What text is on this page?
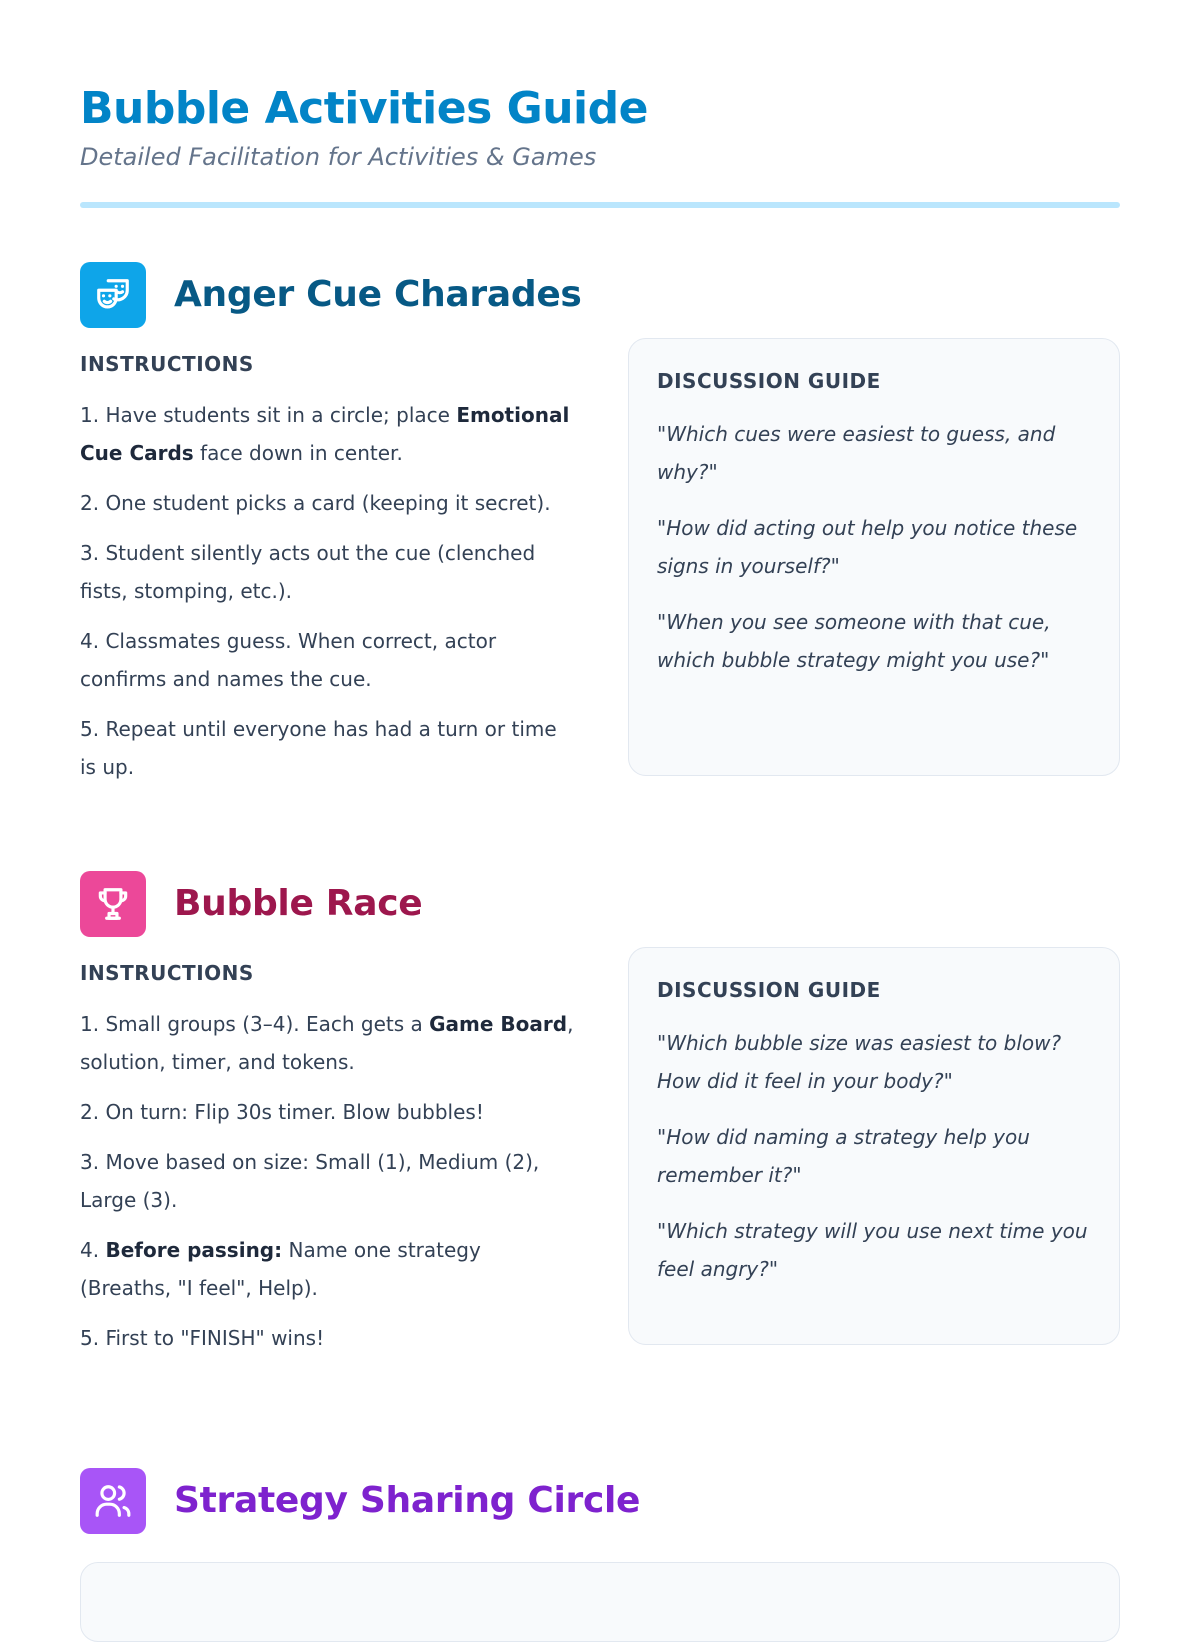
Bubble Activities Guide

Detailed Facilitation for Activities & Games

Anger Cue Charades
INSTRUCTIONS
1. Have students sit in a circle; place Emotional Cue Cards face down in center.
2. One student picks a card (keeping it secret).
3. Student silently acts out the cue (clenched fists, stomping, etc.).
4. Classmates guess. When correct, actor confirms and names the cue.
5. Repeat until everyone has had a turn or time is up.
DISCUSSION GUIDE

"Which cues were easiest to guess, and why?"

"How did acting out help you notice these signs in yourself?"

"When you see someone with that cue, which bubble strategy might you use?"

Bubble Race
INSTRUCTIONS
1. Small groups (3–4). Each gets a Game Board, solution, timer, and tokens.
2. On turn: Flip 30s timer. Blow bubbles!
3. Move based on size: Small (1), Medium (2), Large (3).
4. Before passing: Name one strategy (Breaths, "I feel", Help).
5. First to "FINISH" wins!
DISCUSSION GUIDE

"Which bubble size was easiest to blow? How did it feel in your body?"

"How did naming a strategy help you remember it?"

"Which strategy will you use next time you feel angry?"

Strategy Sharing Circle
